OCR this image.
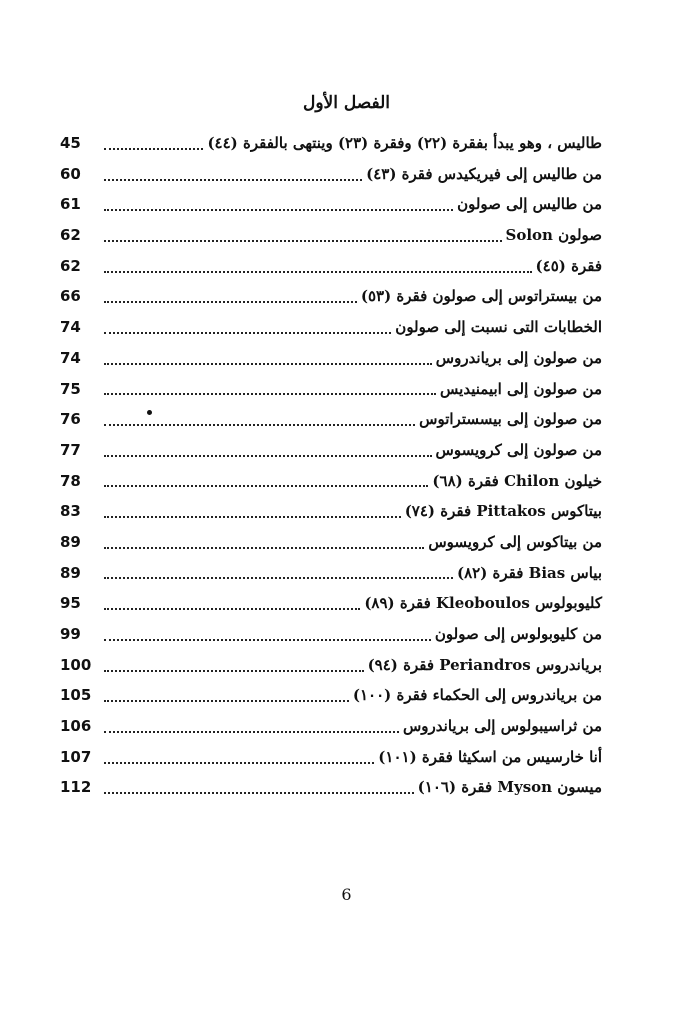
الفصل الأول
طاليس ، وهو يبدأ بفقرة (٢٢) وفقرة (٢٣) وينتهى بالفقرة (٤٤)
45
من طاليس إلى فيريكيدس فقرة (٤٣)
60
من طاليس إلى صولون
61
صولون Solon
62
فقرة (٤٥)
62
من بيستراتوس إلى صولون فقرة (٥٣)
66
الخطابات التى نسبت إلى صولون
74
من صولون إلى برياندروس
74
من صولون إلى ابيمنيديس
75
من صولون إلى بيسستراتوس
76
من صولون إلى كرويسوس
77
خيلون Chilon فقرة (٦٨)
78
بيتاكوس Pittakos فقرة (٧٤)
83
من بيتاكوس إلى كرويسوس
89
بياس Bias فقرة (٨٢)
89
كليوبولوس Kleoboulos فقرة (٨٩)
95
من كليوبولوس إلى صولون
99
برياندروس Periandros فقرة (٩٤)
100
من برياندروس إلى الحكماء فقرة (١٠٠)
105
من ثراسيبولوس إلى برياندروس
106
أنا خارسيس من اسكيثا فقرة (١٠١)
107
ميسون Myson فقرة (١٠٦)
112
6
